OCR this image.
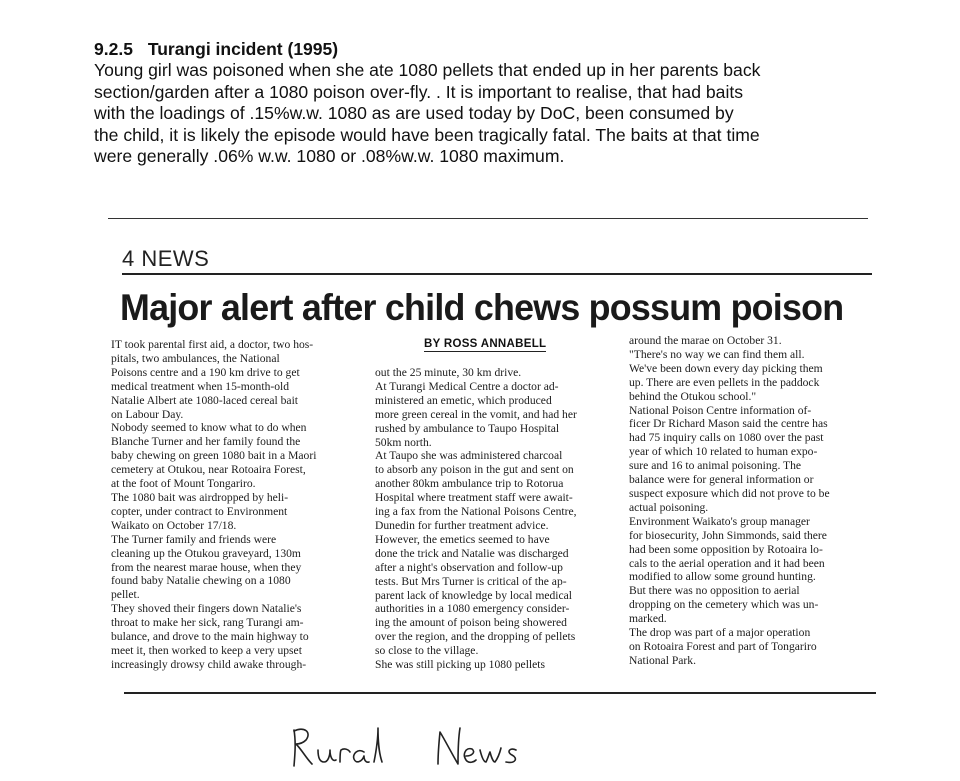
9.2.5 Turangi incident (1995)
Young girl was poisoned when she ate 1080 pellets that ended up in her parents back
section/garden after a 1080 poison over-fly. . It is important to realise, that had baits
with the loadings of .15%w.w. 1080 as are used today by DoC, been consumed by
the child, it is likely the episode would have been tragically fatal. The baits at that time
were generally .06% w.w. 1080 or .08%w.w. 1080 maximum.
4 NEWS
Major alert after child chews possum poison
BY ROSS ANNABELL
IT took parental first aid, a doctor, two hos-
pitals, two ambulances, the National
Poisons centre and a 190 km drive to get
medical treatment when 15-month-old
Natalie Albert ate 1080-laced cereal bait
on Labour Day.
Nobody seemed to know what to do when
Blanche Turner and her family found the
baby chewing on green 1080 bait in a Maori
cemetery at Otukou, near Rotoaira Forest,
at the foot of Mount Tongariro.
The 1080 bait was airdropped by heli-
copter, under contract to Environment
Waikato on October 17/18.
The Turner family and friends were
cleaning up the Otukou graveyard, 130m
from the nearest marae house, when they
found baby Natalie chewing on a 1080
pellet.
They shoved their fingers down Natalie's
throat to make her sick, rang Turangi am-
bulance, and drove to the main highway to
meet it, then worked to keep a very upset
increasingly drowsy child awake through-
out the 25 minute, 30 km drive.
At Turangi Medical Centre a doctor ad-
ministered an emetic, which produced
more green cereal in the vomit, and had her
rushed by ambulance to Taupo Hospital
50km north.
At Taupo she was administered charcoal
to absorb any poison in the gut and sent on
another 80km ambulance trip to Rotorua
Hospital where treatment staff were await-
ing a fax from the National Poisons Centre,
Dunedin for further treatment advice.
However, the emetics seemed to have
done the trick and Natalie was discharged
after a night's observation and follow-up
tests. But Mrs Turner is critical of the ap-
parent lack of knowledge by local medical
authorities in a 1080 emergency consider-
ing the amount of poison being showered
over the region, and the dropping of pellets
so close to the village.
She was still picking up 1080 pellets
around the marae on October 31.
"There's no way we can find them all.
We've been down every day picking them
up. There are even pellets in the paddock
behind the Otukou school."
National Poison Centre information of-
ficer Dr Richard Mason said the centre has
had 75 inquiry calls on 1080 over the past
year of which 10 related to human expo-
sure and 16 to animal poisoning. The
balance were for general information or
suspect exposure which did not prove to be
actual poisoning.
Environment Waikato's group manager
for biosecurity, John Simmonds, said there
had been some opposition by Rotoaira lo-
cals to the aerial operation and it had been
modified to allow some ground hunting.
But there was no opposition to aerial
dropping on the cemetery which was un-
marked.
The drop was part of a major operation
on Rotoaira Forest and part of Tongariro
National Park.
